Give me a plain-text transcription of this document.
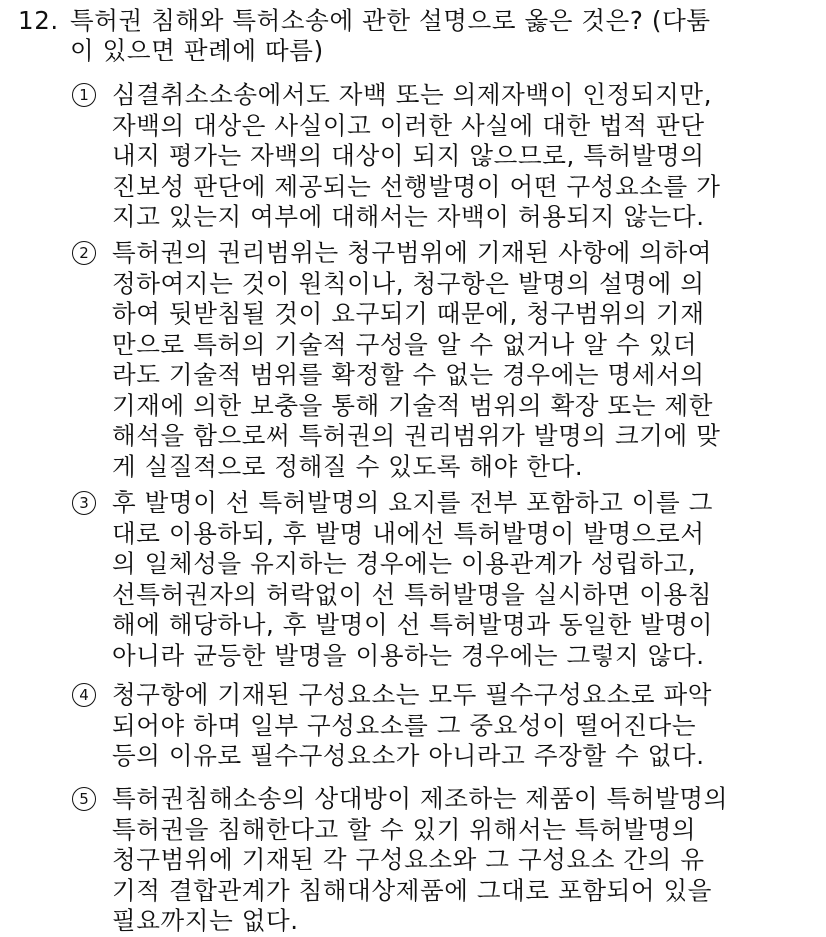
12. 특허권 침해와 특허소송에 관한 설명으로 옳은 것은? (다툼
이 있으면 판례에 따름)
1 심결취소소송에서도 자백 또는 의제자백이 인정되지만,
자백의 대상은 사실이고 이러한 사실에 대한 법적 판단
내지 평가는 자백의 대상이 되지 않으므로, 특허발명의
진보성 판단에 제공되는 선행발명이 어떤 구성요소를 가
지고 있는지 여부에 대해서는 자백이 허용되지 않는다.
2 특허권의 권리범위는 청구범위에 기재된 사항에 의하여
정하여지는 것이 원칙이나, 청구항은 발명의 설명에 의
하여 뒷받침될 것이 요구되기 때문에, 청구범위의 기재
만으로 특허의 기술적 구성을 알 수 없거나 알 수 있더
라도 기술적 범위를 확정할 수 없는 경우에는 명세서의
기재에 의한 보충을 통해 기술적 범위의 확장 또는 제한
해석을 함으로써 특허권의 권리범위가 발명의 크기에 맞
게 실질적으로 정해질 수 있도록 해야 한다.
3 후 발명이 선 특허발명의 요지를 전부 포함하고 이를 그
대로 이용하되, 후 발명 내에선 특허발명이 발명으로서
의 일체성을 유지하는 경우에는 이용관계가 성립하고,
선특허권자의 허락없이 선 특허발명을 실시하면 이용침
해에 해당하나, 후 발명이 선 특허발명과 동일한 발명이
아니라 균등한 발명을 이용하는 경우에는 그렇지 않다.
4 청구항에 기재된 구성요소는 모두 필수구성요소로 파악
되어야 하며 일부 구성요소를 그 중요성이 떨어진다는
등의 이유로 필수구성요소가 아니라고 주장할 수 없다.
5 특허권침해소송의 상대방이 제조하는 제품이 특허발명의
특허권을 침해한다고 할 수 있기 위해서는 특허발명의
청구범위에 기재된 각 구성요소와 그 구성요소 간의 유
기적 결합관계가 침해대상제품에 그대로 포함되어 있을
필요까지는 없다.
